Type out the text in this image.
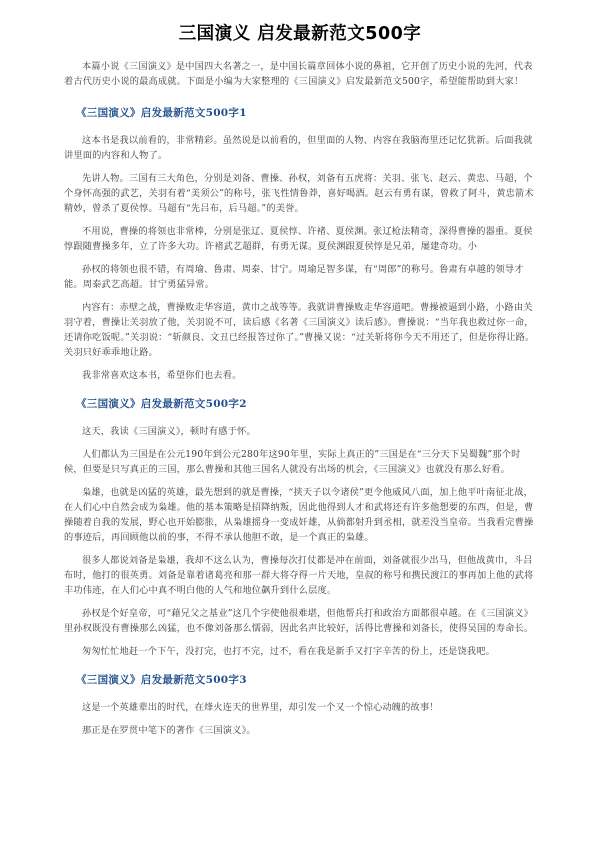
三国演义 启发最新范文500字

本篇小说《三国演义》是中国四大名著之一，是中国长篇章回体小说的鼻祖，它开创了历史小说的先河，代表着古代历史小说的最高成就。下面是小编为大家整理的《三国演义》启发最新范文500字，希望能帮助到大家！

《三国演义》启发最新范文500字1

这本书是我以前看的，非常精彩。虽然说是以前看的，但里面的人物、内容在我脑海里还记忆犹新。后面我就讲里面的内容和人物了。

先讲人物。三国有三大角色，分别是刘备、曹操、孙权，刘备有五虎将：关羽、张飞、赵云、黄忠、马超，个个身怀高强的武艺，关羽有着“美须公”的称号，张飞性情鲁莽，喜好喝酒。赵云有勇有谋，曾救了阿斗，黄忠箭术精妙，曾杀了夏侯惇。马超有“先吕布，后马超。”的美誉。

不用说，曹操的将领也非常棒，分别是张辽、夏侯惇、许褚、夏侯渊。张辽枪法精奇，深得曹操的器重。夏侯惇跟随曹操多年，立了许多大功。许褚武艺超群，有勇无谋。夏侯渊跟夏侯惇是兄弟，屡建奇功。小

孙权的将领也很不错，有周瑜、鲁肃、周泰、甘宁。周瑜足智多谋，有“周郎”的称号。鲁肃有卓越的领导才能。周泰武艺高超。甘宁勇猛异常。

内容有：赤壁之战，曹操败走华容道，黄巾之战等等。我就讲曹操败走华容道吧。曹操被逼到小路，小路由关羽守着，曹操让关羽放了他，关羽说不可，读后感《名著《三国演义》读后感》。曹操说：“当年我也救过你一命，还请你吃饭呢。”关羽说：“斩颜良、文丑已经报答过你了。”曹操又说：“过关斩将你今天不用还了，但是你得让路。关羽只好乖乖地让路。

我非常喜欢这本书，希望你们也去看。

《三国演义》启发最新范文500字2

这天，我读《三国演义》，顿时有感于怀。

人们都认为三国是在公元190年到公元280年这90年里，实际上真正的”三国是在“三分天下吴蜀魏”那个时候，但要是只写真正的三国，那么曹操和其他三国名人就没有出场的机会，《三国演义》也就没有那么好看。

枭雄，也就是凶猛的英雄，最先想到的就是曹操，“挟天子以令诸侯”更令他威风八面，加上他平叶南征北战，在人们心中自然会成为枭雄。他的基本策略是招降纳叛，因此他得到人才和武将还有许多他想要的东西，但是，曹操随着自我的发展，野心也开始膨胀，从枭雄摇身一变成奸雄，从倘都射升到丞相，就差没当皇帝。当我看完曹操的事迹后，再回顾他以前的事，不得不承认他胆不敢，是一个真正的枭雄。

很多人都说刘备是枭雄，我却不这么认为，曹操每次打仗都是冲在前面，刘备就很少出马，但他战黄巾，斗吕布时，他打的很英勇。刘备是靠着诸葛亮和那一群大将夺得一片天地，皇叔的称号和携民渡江的事再加上他的武将丰功伟迹，在人们心中真不明白他的人气和地位飙升到什么层度。

孙权是个好皇帝，可“藉兄父之基业”这几个字使他很难堪，但他帮兵打和政治方面都很卓越。在《三国演义》里孙权既没有曹操那么凶猛，也不像刘备那么懦弱，因此名声比较好，活得比曹操和刘备长，使得吴国的寿命长。

匆匆忙忙地赶一个下午，没打完，也打不完，过不，看在我是新手又打字辛苦的份上，还是饶我吧。

《三国演义》启发最新范文500字3

这是一个英雄辈出的时代，在烽火连天的世界里，却引发一个又一个惊心动魄的故事！

那正是在罗贯中笔下的著作《三国演义》。
